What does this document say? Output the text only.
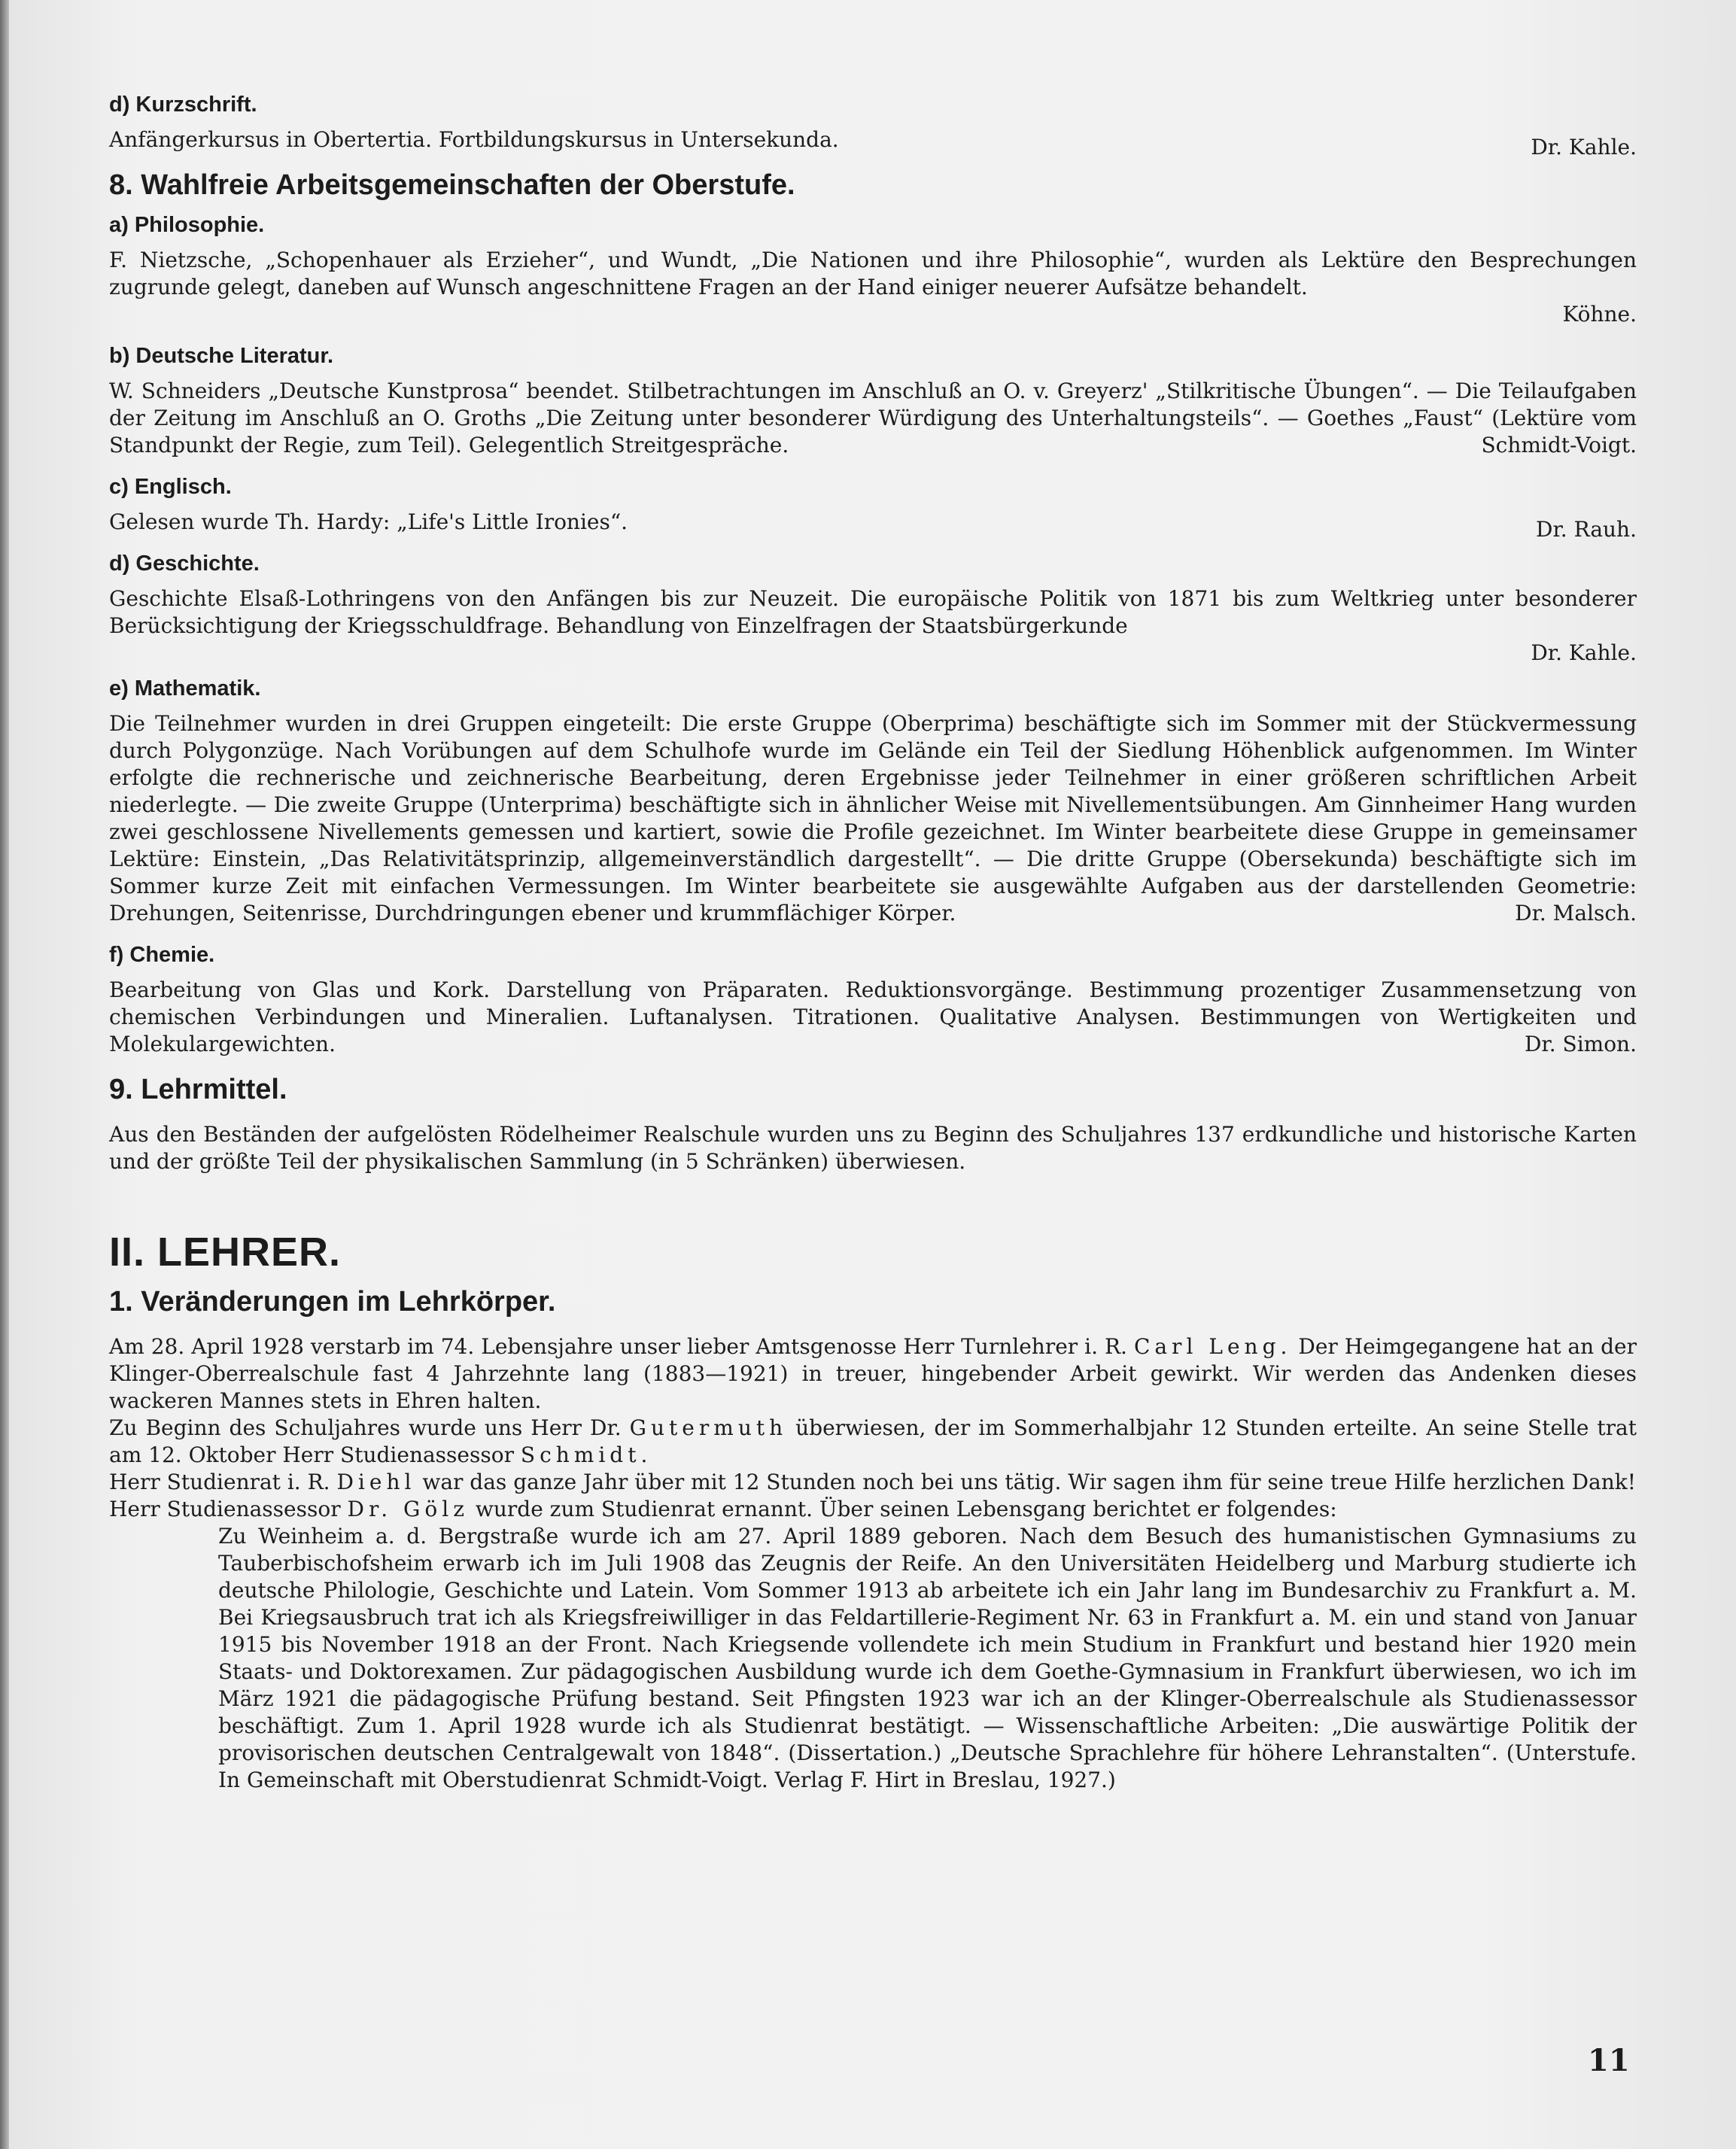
d) Kurzschrift.

Dr. Kahle.
Anfängerkursus in Obertertia. Fortbildungskursus in Untersekunda.

8. Wahlfreie Arbeitsgemeinschaften der Oberstufe.
a) Philosophie.

F. Nietzsche, „Schopenhauer als Erzieher“, und Wundt, „Die Nationen und ihre Philosophie“, wurden als Lektüre den Besprechungen zugrunde gelegt, daneben auf Wunsch angeschnittene Fragen an der Hand einiger neuerer Aufsätze behandelt.

Köhne.

b) Deutsche Literatur.

W. Schneiders „Deutsche Kunstprosa“ beendet. Stilbetrachtungen im Anschluß an O. v. Greyerz' „Stilkritische Übungen“. — Die Teilaufgaben der Zeitung im Anschluß an O. Groths „Die Zeitung unter besonderer Würdigung des Unterhaltungsteils“. — Goethes „Faust“ (Lektüre vom Standpunkt der Regie, zum Teil). Gelegentlich Streitgespräche.	Schmidt-Voigt.

c) Englisch.

Dr. Rauh.
Gelesen wurde Th. Hardy: „Life's Little Ironies“.

d) Geschichte.

Geschichte Elsaß-Lothringens von den Anfängen bis zur Neuzeit. Die europäische Politik von 1871 bis zum Weltkrieg unter besonderer Berücksichtigung der Kriegsschuldfrage. Behandlung von Einzelfragen der Staatsbürgerkunde

Dr. Kahle.

e) Mathematik.

Die Teilnehmer wurden in drei Gruppen eingeteilt: Die erste Gruppe (Oberprima) beschäftigte sich im Sommer mit der Stückvermessung durch Polygonzüge. Nach Vorübungen auf dem Schulhofe wurde im Gelände ein Teil der Siedlung Höhenblick aufgenommen. Im Winter erfolgte die rechnerische und zeichnerische Bearbeitung, deren Ergebnisse jeder Teilnehmer in einer größeren schriftlichen Arbeit niederlegte. — Die zweite Gruppe (Unterprima) beschäftigte sich in ähnlicher Weise mit Nivellementsübungen. Am Ginnheimer Hang wurden zwei geschlossene Nivellements gemessen und kartiert, sowie die Profile gezeichnet. Im Winter bearbeitete diese Gruppe in gemeinsamer Lektüre: Einstein, „Das Relativitätsprinzip, allgemeinverständlich dargestellt“. — Die dritte Gruppe (Obersekunda) beschäftigte sich im Sommer kurze Zeit mit einfachen Vermessungen. Im Winter bearbeitete sie ausgewählte Aufgaben aus der darstellenden Geometrie: Drehungen, Seitenrisse, Durchdringungen ebener und krummflächiger Körper.	Dr. Malsch.

f) Chemie.

Bearbeitung von Glas und Kork. Darstellung von Präparaten. Reduktionsvorgänge. Bestimmung prozentiger Zusammensetzung von chemischen Verbindungen und Mineralien. Luftanalysen. Titrationen. Qualitative Analysen. Bestimmungen von Wertigkeiten und Molekulargewichten.	Dr. Simon.

9. Lehrmittel.

Aus den Beständen der aufgelösten Rödelheimer Realschule wurden uns zu Beginn des Schuljahres 137 erdkundliche und historische Karten und der größte Teil der physikalischen Sammlung (in 5 Schränken) überwiesen.

II. LEHRER.
1. Veränderungen im Lehrkörper.

Am 28. April 1928 verstarb im 74. Lebensjahre unser lieber Amtsgenosse Herr Turnlehrer i. R. Carl Leng. Der Heimgegangene hat an der Klinger-Oberrealschule fast 4 Jahrzehnte lang (1883—1921) in treuer, hingebender Arbeit gewirkt. Wir werden das Andenken dieses wackeren Mannes stets in Ehren halten.

Zu Beginn des Schuljahres wurde uns Herr Dr. Gutermuth überwiesen, der im Sommerhalbjahr 12 Stunden erteilte. An seine Stelle trat am 12. Oktober Herr Studienassessor Schmidt.

Herr Studienrat i. R. Diehl war das ganze Jahr über mit 12 Stunden noch bei uns tätig. Wir sagen ihm für seine treue Hilfe herzlichen Dank!

Herr Studienassessor Dr. Gölz wurde zum Studienrat ernannt. Über seinen Lebensgang berichtet er folgendes:

Zu Weinheim a. d. Bergstraße wurde ich am 27. April 1889 geboren. Nach dem Besuch des humanistischen Gymnasiums zu Tauberbischofsheim erwarb ich im Juli 1908 das Zeugnis der Reife. An den Universitäten Heidelberg und Marburg studierte ich deutsche Philologie, Geschichte und Latein. Vom Sommer 1913 ab arbeitete ich ein Jahr lang im Bundesarchiv zu Frankfurt a. M. Bei Kriegsausbruch trat ich als Kriegsfreiwilliger in das Feldartillerie-Regiment Nr. 63 in Frankfurt a. M. ein und stand von Januar 1915 bis November 1918 an der Front. Nach Kriegsende vollendete ich mein Studium in Frankfurt und bestand hier 1920 mein Staats- und Doktorexamen. Zur pädagogischen Ausbildung wurde ich dem Goethe-Gymnasium in Frankfurt überwiesen, wo ich im März 1921 die pädagogische Prüfung bestand. Seit Pfingsten 1923 war ich an der Klinger-Oberrealschule als Studienassessor beschäftigt. Zum 1. April 1928 wurde ich als Studienrat bestätigt. — Wissenschaftliche Arbeiten: „Die auswärtige Politik der provisorischen deutschen Centralgewalt von 1848“. (Dissertation.) „Deutsche Sprachlehre für höhere Lehranstalten“. (Unterstufe. In Gemeinschaft mit Oberstudienrat Schmidt-Voigt. Verlag F. Hirt in Breslau, 1927.)

11
